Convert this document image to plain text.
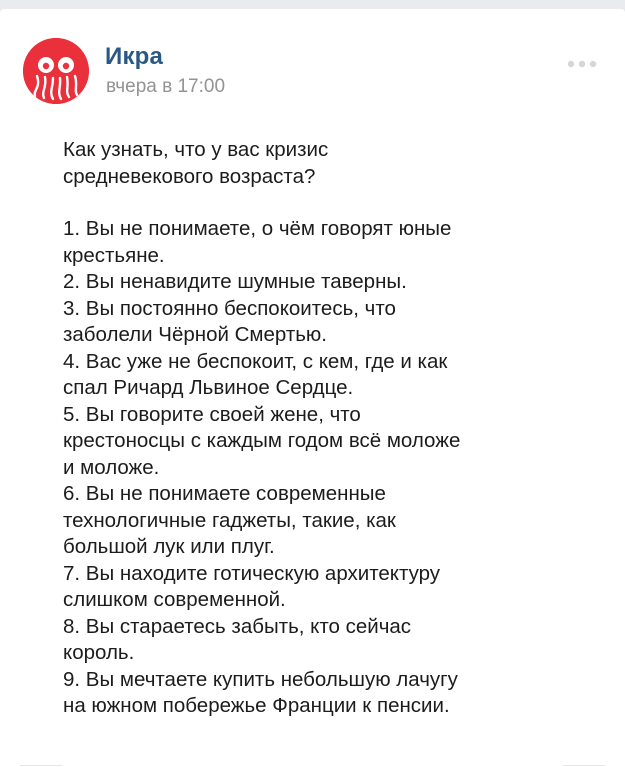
Икра
вчера в 17:00

Как узнать, что у вас кризис
средневекового возраста?

1. Вы не понимаете, о чём говорят юные
крестьяне.
2. Вы ненавидите шумные таверны.
3. Вы постоянно беспокоитесь, что
заболели Чёрной Смертью.
4. Вас уже не беспокоит, с кем, где и как
спал Ричард Львиное Сердце.
5. Вы говорите своей жене, что
крестоносцы с каждым годом всё моложе
и моложе.
6. Вы не понимаете современные
технологичные гаджеты, такие, как
большой лук или плуг.
7. Вы находите готическую архитектуру
слишком современной.
8. Вы стараетесь забыть, кто сейчас
король.
9. Вы мечтаете купить небольшую лачугу
на южном побережье Франции к пенсии.
